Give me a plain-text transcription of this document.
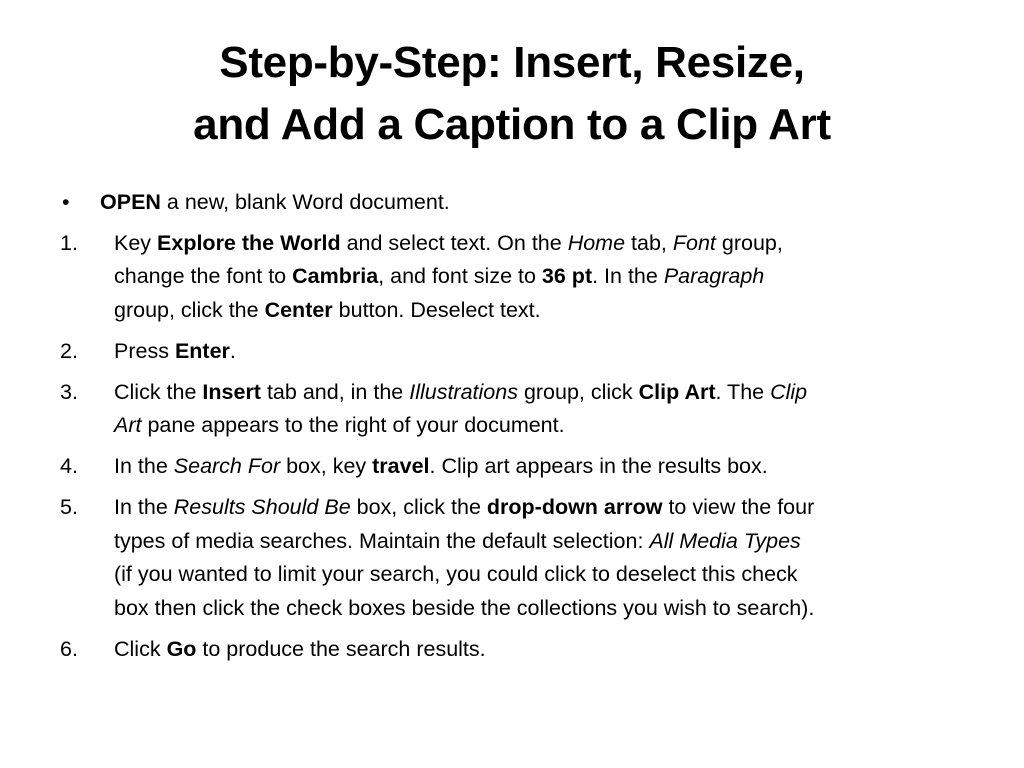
Step-by-Step: Insert, Resize,
and Add a Caption to a Clip Art
• OPEN a new, blank Word document.
1. Key Explore the World and select text. On the Home tab, Font group,
change the font to Cambria, and font size to 36 pt. In the Paragraph
group, click the Center button. Deselect text.
2. Press Enter.
3. Click the Insert tab and, in the Illustrations group, click Clip Art. The Clip
Art pane appears to the right of your document.
4. In the Search For box, key travel. Clip art appears in the results box.
5. In the Results Should Be box, click the drop-down arrow to view the four
types of media searches. Maintain the default selection: All Media Types
(if you wanted to limit your search, you could click to deselect this check
box then click the check boxes beside the collections you wish to search).
6. Click Go to produce the search results.
